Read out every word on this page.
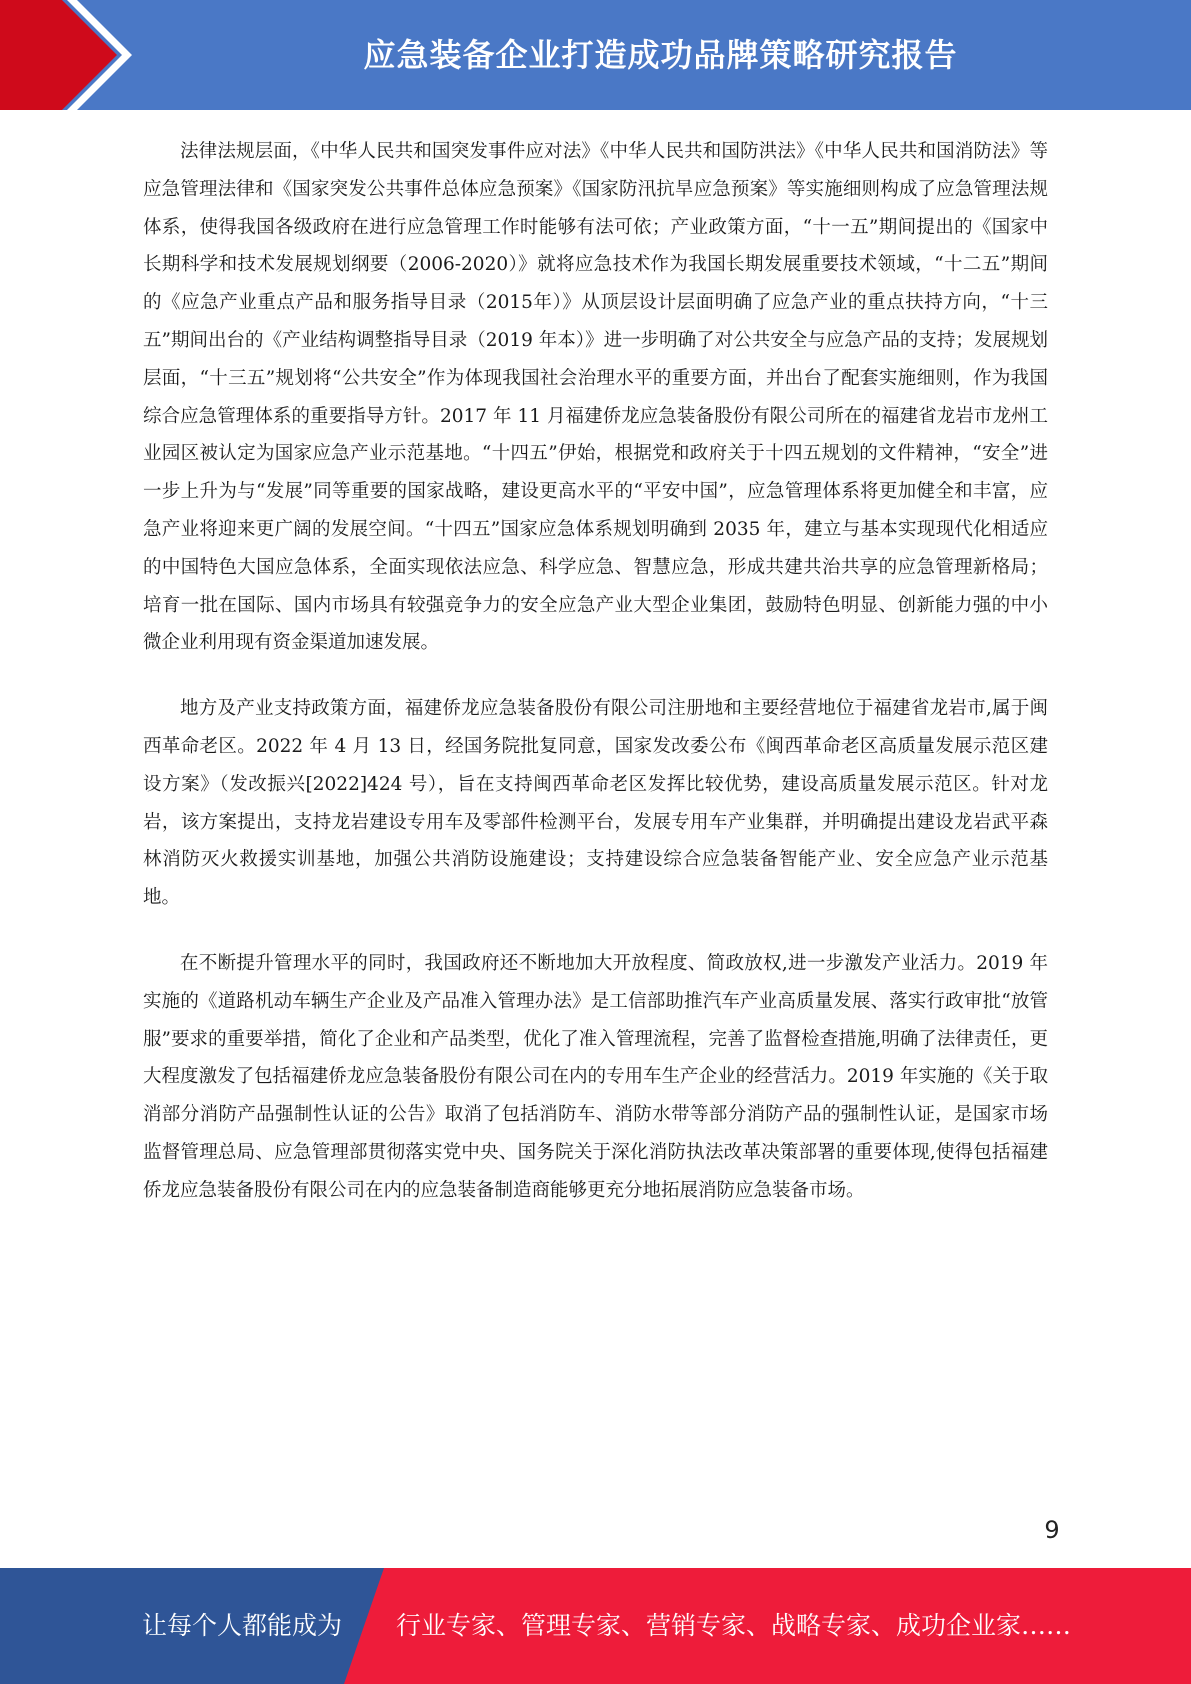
应急装备企业打造成功品牌策略研究报告

法律法规层面，《中华人民共和国突发事件应对法》《中华人民共和国防洪法》《中华人民共和国消防法》等应急管理法律和《国家突发公共事件总体应急预案》《国家防汛抗旱应急预案》等实施细则构成了应急管理法规体系，使得我国各级政府在进行应急管理工作时能够有法可依；产业政策方面，“十一五”期间提出的《国家中长期科学和技术发展规划纲要（2006-2020）》就将应急技术作为我国长期发展重要技术领域，“十二五”期间的《应急产业重点产品和服务指导目录（2015年）》从顶层设计层面明确了应急产业的重点扶持方向，“十三五”期间出台的《产业结构调整指导目录（2019 年本）》进一步明确了对公共安全与应急产品的支持；发展规划层面，“十三五”规划将“公共安全”作为体现我国社会治理水平的重要方面，并出台了配套实施细则，作为我国综合应急管理体系的重要指导方针。2017 年 11 月福建侨龙应急装备股份有限公司所在的福建省龙岩市龙州工业园区被认定为国家应急产业示范基地。“十四五”伊始，根据党和政府关于十四五规划的文件精神，“安全”进一步上升为与“发展”同等重要的国家战略，建设更高水平的“平安中国”，应急管理体系将更加健全和丰富，应急产业将迎来更广阔的发展空间。“十四五”国家应急体系规划明确到 2035 年，建立与基本实现现代化相适应的中国特色大国应急体系，全面实现依法应急、科学应急、智慧应急，形成共建共治共享的应急管理新格局；培育一批在国际、国内市场具有较强竞争力的安全应急产业大型企业集团，鼓励特色明显、创新能力强的中小微企业利用现有资金渠道加速发展。

地方及产业支持政策方面，福建侨龙应急装备股份有限公司注册地和主要经营地位于福建省龙岩市,属于闽西革命老区。2022 年 4 月 13 日，经国务院批复同意，国家发改委公布《闽西革命老区高质量发展示范区建设方案》（发改振兴[2022]424 号），旨在支持闽西革命老区发挥比较优势，建设高质量发展示范区。针对龙岩，该方案提出，支持龙岩建设专用车及零部件检测平台，发展专用车产业集群，并明确提出建设龙岩武平森林消防灭火救援实训基地，加强公共消防设施建设；支持建设综合应急装备智能产业、安全应急产业示范基地。

在不断提升管理水平的同时，我国政府还不断地加大开放程度、简政放权,进一步激发产业活力。2019 年实施的《道路机动车辆生产企业及产品准入管理办法》是工信部助推汽车产业高质量发展、落实行政审批“放管服”要求的重要举措，简化了企业和产品类型，优化了准入管理流程，完善了监督检查措施,明确了法律责任，更大程度激发了包括福建侨龙应急装备股份有限公司在内的专用车生产企业的经营活力。2019 年实施的《关于取消部分消防产品强制性认证的公告》取消了包括消防车、消防水带等部分消防产品的强制性认证，是国家市场监督管理总局、应急管理部贯彻落实党中央、国务院关于深化消防执法改革决策部署的重要体现,使得包括福建侨龙应急装备股份有限公司在内的应急装备制造商能够更充分地拓展消防应急装备市场。

9
让每个人都能成为 行业专家、管理专家、营销专家、战略专家、成功企业家……
